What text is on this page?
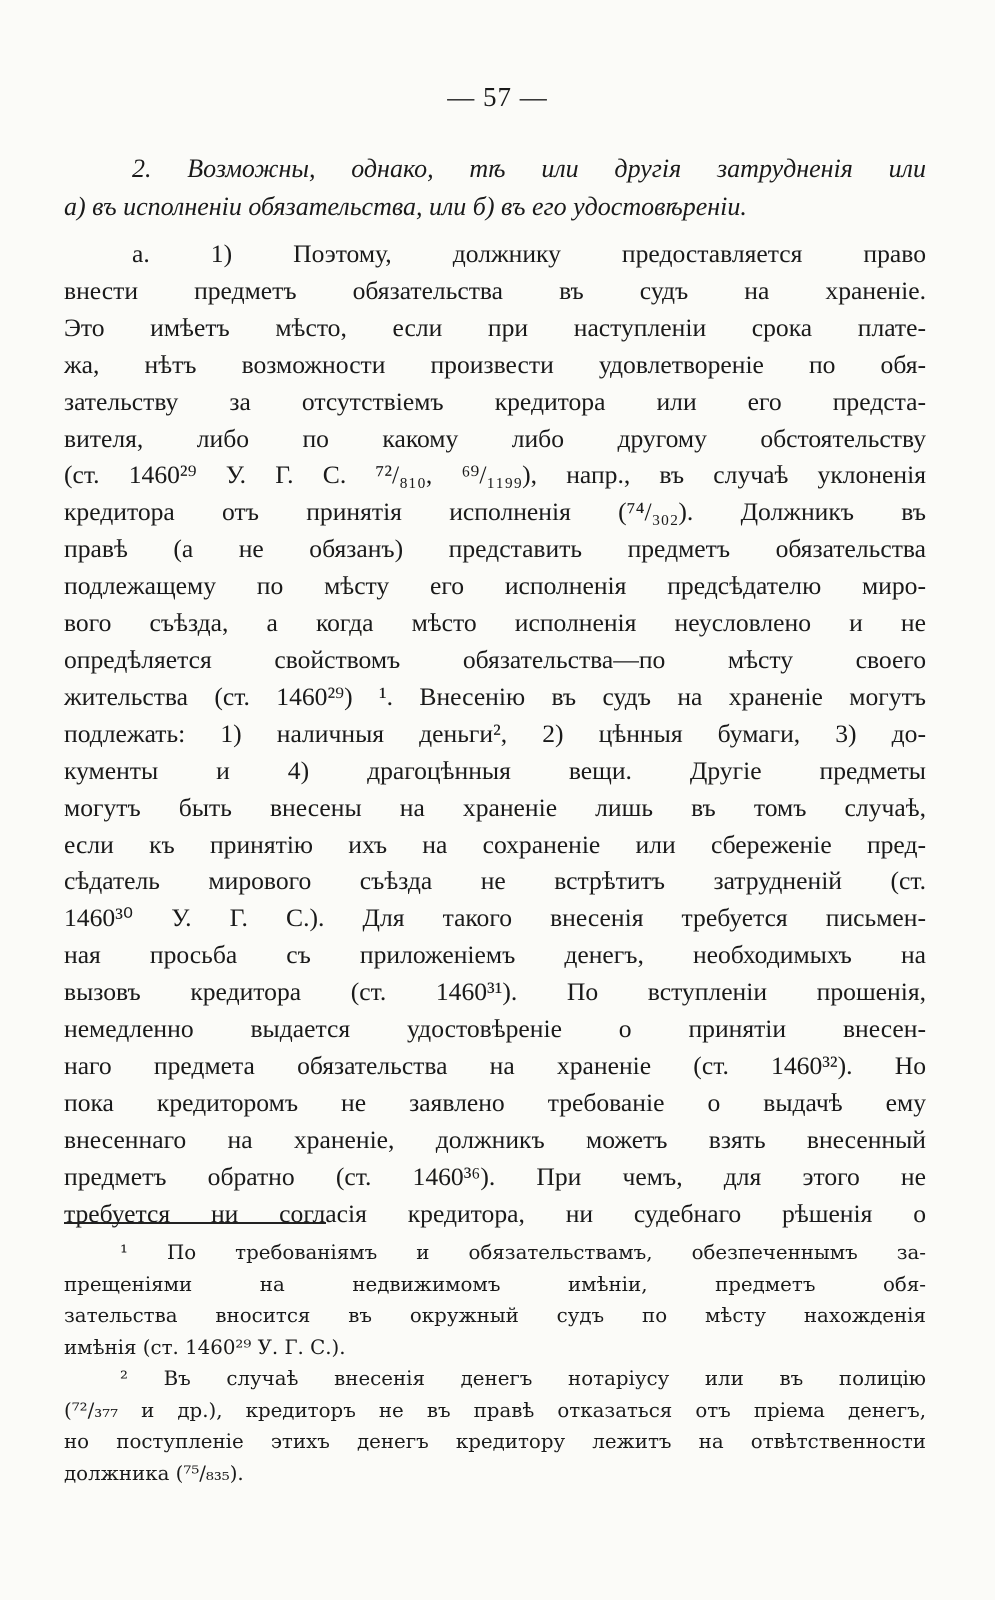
— 57 —
2. Возможны, однако, тѣ или другія затрудненія или
а) въ исполненіи обязательства, или б) въ его удостовѣреніи.
а. 1) Поэтому, должнику предоставляется право
внести предметъ обязательства въ судъ на храненіе.
Это имѣетъ мѣсто, если при наступленіи срока плате-
жа, нѣтъ возможности произвести удовлетвореніе по обя-
зательству за отсутствіемъ кредитора или его предста-
вителя, либо по какому либо другому обстоятельству
(ст. 1460²⁹ У. Г. С. ⁷²/₈₁₀, ⁶⁹/₁₁₉₉), напр., въ случаѣ уклоненія
кредитора отъ принятія исполненія (⁷⁴/₃₀₂). Должникъ въ
правѣ (а не обязанъ) представить предметъ обязательства
подлежащему по мѣсту его исполненія предсѣдателю миро-
вого съѣзда, а когда мѣсто исполненія неусловлено и не
опредѣляется свойствомъ обязательства—по мѣсту своего
жительства (ст. 1460²⁹) ¹. Внесенію въ судъ на храненіе могутъ
подлежать: 1) наличныя деньги², 2) цѣнныя бумаги, 3) до-
кументы и 4) драгоцѣнныя вещи. Другіе предметы
могутъ быть внесены на храненіе лишь въ томъ случаѣ,
если къ принятію ихъ на сохраненіе или сбереженіе пред-
сѣдатель мирового съѣзда не встрѣтитъ затрудненій (ст.
1460³⁰ У. Г. С.). Для такого внесенія требуется письмен-
ная просьба съ приложеніемъ денегъ, необходимыхъ на
вызовъ кредитора (ст. 1460³¹). По вступленіи прошенія,
немедленно выдается удостовѣреніе о принятіи внесен-
наго предмета обязательства на храненіе (ст. 1460³²). Но
пока кредиторомъ не заявлено требованіе о выдачѣ ему
внесеннаго на храненіе, должникъ можетъ взять внесенный
предметъ обратно (ст. 1460³⁶). При чемъ, для этого не
требуется ни согласія кредитора, ни судебнаго рѣшенія о
¹ По требованіямъ и обязательствамъ, обезпеченнымъ за-
прещеніями на недвижимомъ имѣніи, предметъ обя-
зательства вносится въ окружный судъ по мѣсту нахожденія
имѣнія (ст. 1460²⁹ У. Г. С.).
² Въ случаѣ внесенія денегъ нотаріусу или въ полицію
(⁷²/₃₇₇ и др.), кредиторъ не въ правѣ отказаться отъ пріема денегъ,
но поступленіе этихъ денегъ кредитору лежитъ на отвѣтственности
должника (⁷⁵/₈₃₅).
